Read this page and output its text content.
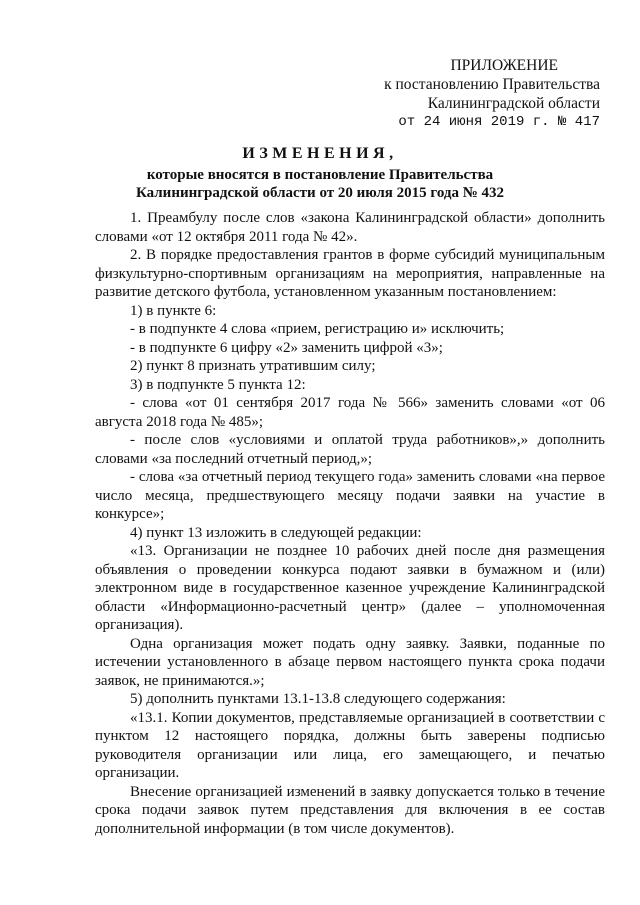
ПРИЛОЖЕНИЕ
к постановлению Правительства
Калининградской области
от 24 июня 2019 г. № 417
ИЗМЕНЕНИЯ,
которые вносятся в постановление Правительства
Калининградской области от 20 июля 2015 года № 432

1. Преамбулу после слов «закона Калининградской области» дополнить словами «от 12 октября 2011 года № 42».

2. В порядке предоставления грантов в форме субсидий муниципальным физкультурно-спортивным организациям на мероприятия, направленные на развитие детского футбола, установленном указанным постановлением:

1) в пункте 6:

- в подпункте 4 слова «прием, регистрацию и» исключить;

- в подпункте 6 цифру «2» заменить цифрой «3»;

2) пункт 8 признать утратившим силу;

3) в подпункте 5 пункта 12:

- слова «от 01 сентября 2017 года № 566» заменить словами «от 06 августа 2018 года № 485»;

- после слов «условиями и оплатой труда работников»,» дополнить словами «за последний отчетный период,»;

- слова «за отчетный период текущего года» заменить словами «на первое число месяца, предшествующего месяцу подачи заявки на участие в конкурсе»;

4) пункт 13 изложить в следующей редакции:

«13. Организации не позднее 10 рабочих дней после дня размещения объявления о проведении конкурса подают заявки в бумажном и (или) электронном виде в государственное казенное учреждение Калининградской области «Информационно-расчетный центр» (далее – уполномоченная организация).

Одна организация может подать одну заявку. Заявки, поданные по истечении установленного в абзаце первом настоящего пункта срока подачи заявок, не принимаются.»;

5) дополнить пунктами 13.1-13.8 следующего содержания:

«13.1. Копии документов, представляемые организацией в соответствии с пунктом 12 настоящего порядка, должны быть заверены подписью руководителя организации или лица, его замещающего, и печатью организации.

Внесение организацией изменений в заявку допускается только в течение срока подачи заявок путем представления для включения в ее состав дополнительной информации (в том числе документов).
